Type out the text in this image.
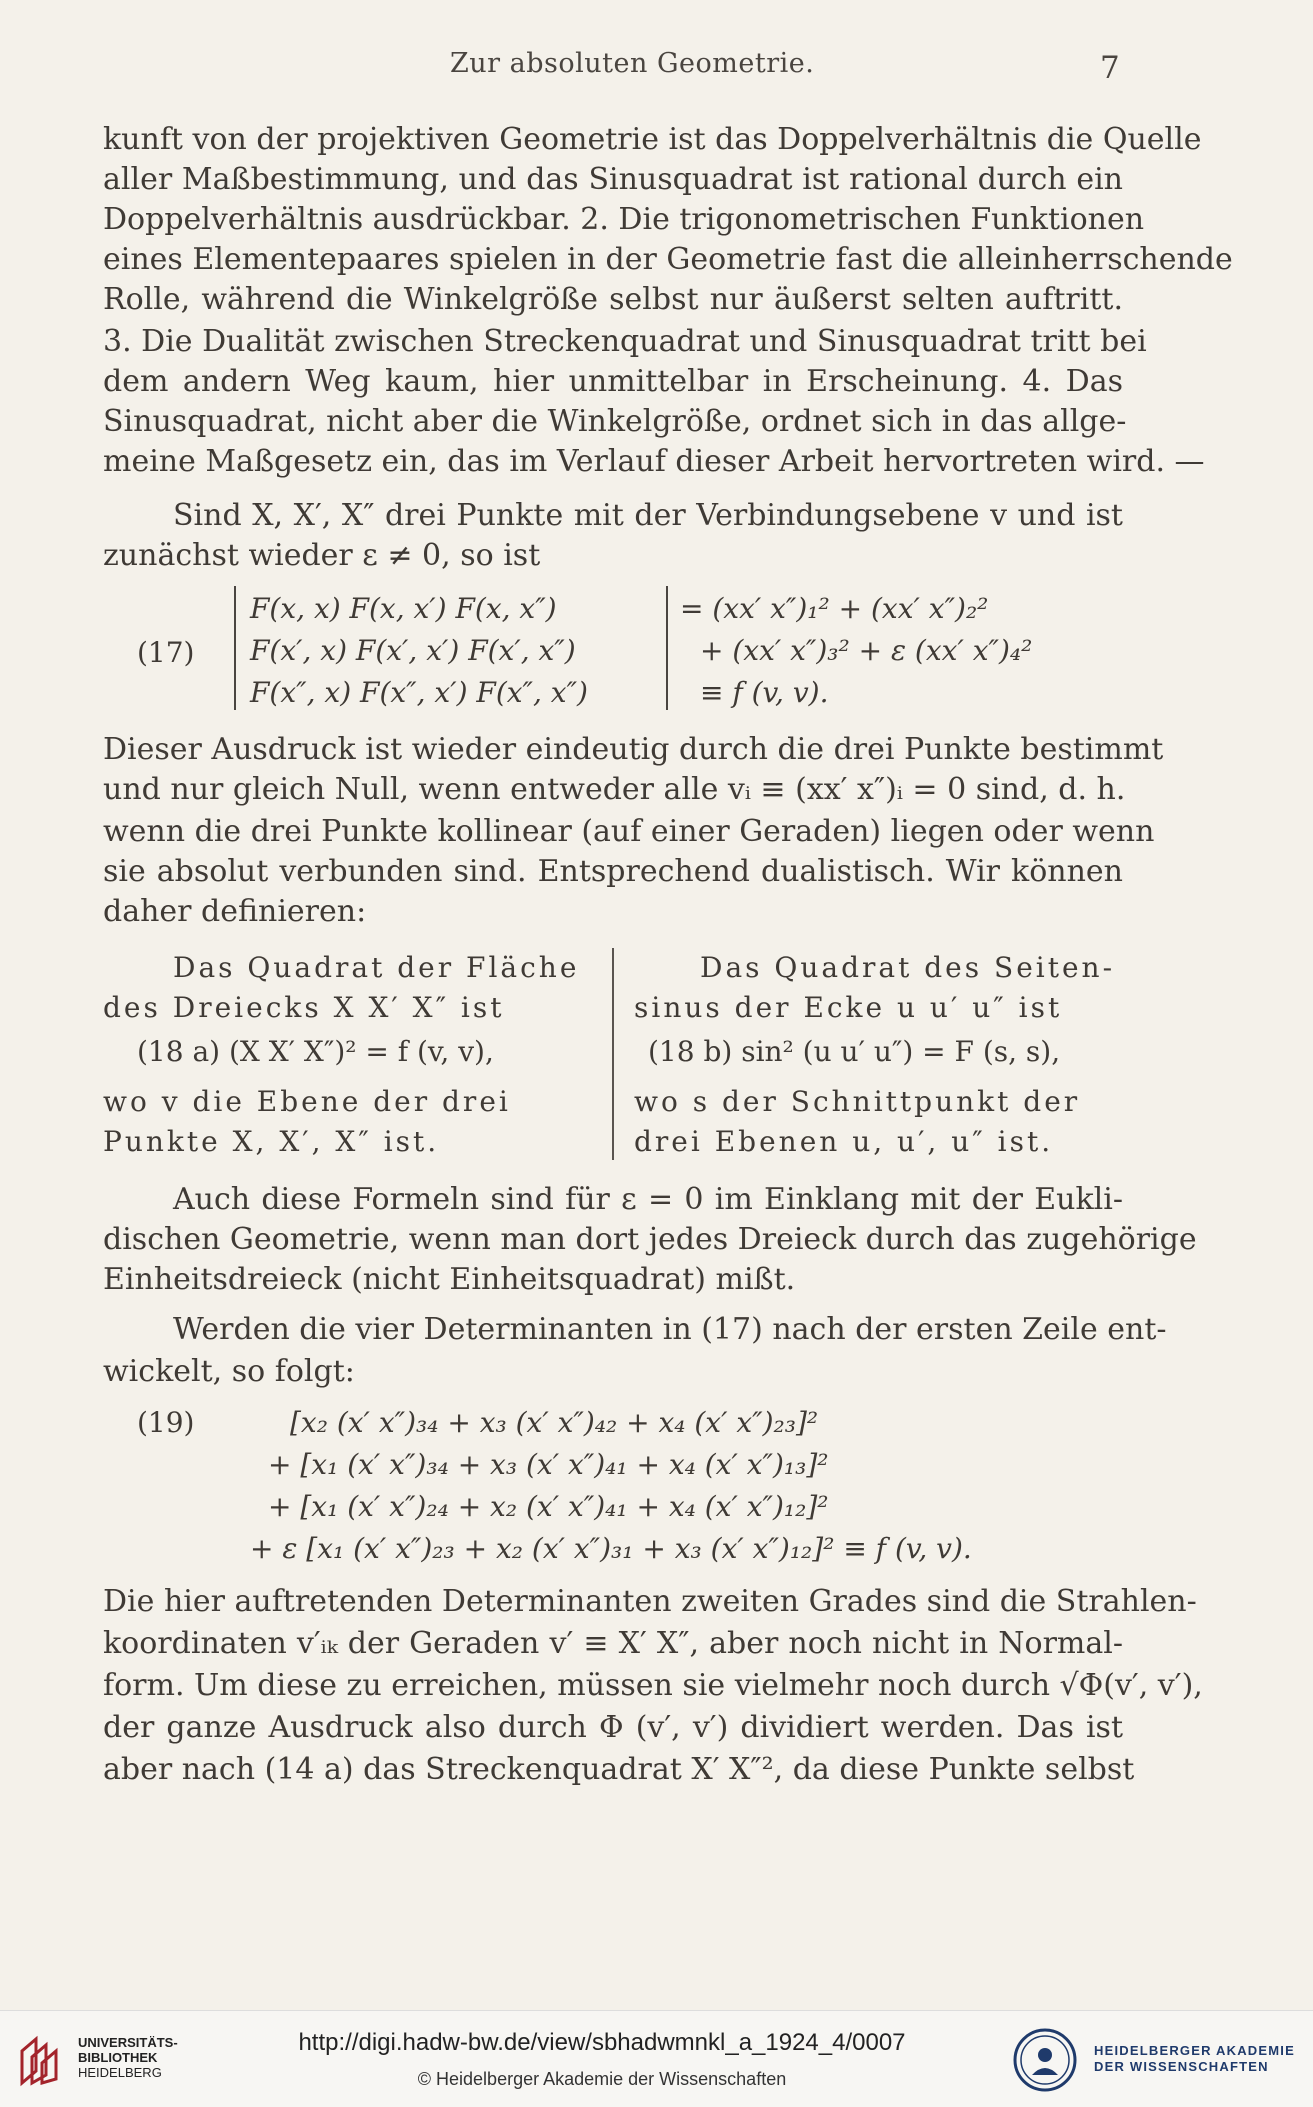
Zur absoluten Geometrie.	7
kunft von der projektiven Geometrie ist das Doppelverhältnis die Quelle
aller Maßbestimmung, und das Sinusquadrat ist rational durch ein
Doppelverhältnis ausdrückbar. 2. Die trigonometrischen Funktionen
eines Elementepaares spielen in der Geometrie fast die alleinherrschende
Rolle, während die Winkelgröße selbst nur äußerst selten auftritt.
3. Die Dualität zwischen Streckenquadrat und Sinusquadrat tritt bei
dem andern Weg kaum, hier unmittelbar in Erscheinung. 4. Das
Sinusquadrat, nicht aber die Winkelgröße, ordnet sich in das allge-
meine Maßgesetz ein, das im Verlauf dieser Arbeit hervortreten wird. —
Sind X, X′, X″ drei Punkte mit der Verbindungsebene v und ist
zunächst wieder ε ≠ 0, so ist
(17)
F(x, x) F(x, x′) F(x, x″)
F(x′, x) F(x′, x′) F(x′, x″)
F(x″, x) F(x″, x′) F(x″, x″)
= (xx′ x″)₁² + (xx′ x″)₂²
+ (xx′ x″)₃² + ε (xx′ x″)₄²
≡ f (v, v).
Dieser Ausdruck ist wieder eindeutig durch die drei Punkte bestimmt
und nur gleich Null, wenn entweder alle vᵢ ≡ (xx′ x″)ᵢ = 0 sind, d. h.
wenn die drei Punkte kollinear (auf einer Geraden) liegen oder wenn
sie absolut verbunden sind. Entsprechend dualistisch. Wir können
daher definieren:
Das Quadrat der Fläche
des Dreiecks X X′ X″ ist
(18 a) (X X′ X″)² = f (v, v),
wo v die Ebene der drei
Punkte X, X′, X″ ist.
Das Quadrat des Seiten-
sinus der Ecke u u′ u″ ist
(18 b) sin² (u u′ u″) = F (s, s),
wo s der Schnittpunkt der
drei Ebenen u, u′, u″ ist.
Auch diese Formeln sind für ε = 0 im Einklang mit der Eukli-
dischen Geometrie, wenn man dort jedes Dreieck durch das zugehörige
Einheitsdreieck (nicht Einheitsquadrat) mißt.
Werden die vier Determinanten in (17) nach der ersten Zeile ent-
wickelt, so folgt:
(19)	[x₂ (x′ x″)₃₄ + x₃ (x′ x″)₄₂ + x₄ (x′ x″)₂₃]²
+ [x₁ (x′ x″)₃₄ + x₃ (x′ x″)₄₁ + x₄ (x′ x″)₁₃]²
+ [x₁ (x′ x″)₂₄ + x₂ (x′ x″)₄₁ + x₄ (x′ x″)₁₂]²
+ ε [x₁ (x′ x″)₂₃ + x₂ (x′ x″)₃₁ + x₃ (x′ x″)₁₂]² ≡ f (v, v).
Die hier auftretenden Determinanten zweiten Grades sind die Strahlen-
koordinaten v′ᵢₖ der Geraden v′ ≡ X′ X″, aber noch nicht in Normal-
form. Um diese zu erreichen, müssen sie vielmehr noch durch √Φ(v′, v′),
der ganze Ausdruck also durch Φ (v′, v′) dividiert werden. Das ist
aber nach (14 a) das Streckenquadrat X′ X″², da diese Punkte selbst
UNIVERSITÄTS-
BIBLIOTHEK
HEIDELBERG
http://digi.hadw-bw.de/view/sbhadwmnkl_a_1924_4/0007
© Heidelberger Akademie der Wissenschaften
HEIDELBERGER AKADEMIE
DER WISSENSCHAFTEN
